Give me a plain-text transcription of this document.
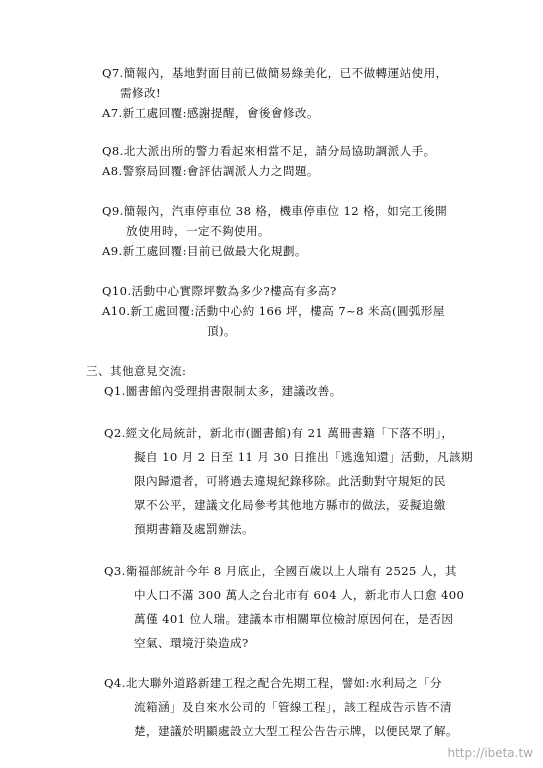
Q7.簡報內，基地對面目前已做簡易綠美化，已不做轉運站使用，
需修改!
A7.新工處回覆:感謝提醒，會後會修改。
Q8.北大派出所的警力看起來相當不足，請分局協助調派人手。
A8.警察局回覆:會評估調派人力之問題。
Q9.簡報內，汽車停車位 38 格，機車停車位 12 格，如完工後開
放使用時，一定不夠使用。
A9.新工處回覆:目前已做最大化規劃。
Q10.活動中心實際坪數為多少?樓高有多高?
A10.新工處回覆:活動中心約 166 坪，樓高 7~8 米高(圓弧形屋
頂)。
三、其他意見交流:
Q1.圖書館內受理捐書限制太多，建議改善。
Q2.經文化局統計，新北市(圖書館)有 21 萬冊書籍「下落不明」，
擬自 10 月 2 日至 11 月 30 日推出「逃逸知還」活動，凡該期
限內歸還者，可將過去違規紀錄移除。此活動對守規矩的民
眾不公平，建議文化局參考其他地方縣市的做法，妥擬追繳
預期書籍及處罰辦法。
Q3.衛福部統計今年 8 月底止，全國百歲以上人瑞有 2525 人，其
中人口不滿 300 萬人之台北市有 604 人，新北市人口愈 400
萬僅 401 位人瑞。建議本市相關單位檢討原因何在，是否因
空氣、環境汙染造成?
Q4.北大聯外道路新建工程之配合先期工程，譬如:水利局之「分
流箱涵」及自來水公司的「管線工程」，該工程成告示皆不清
楚，建議於明顯處設立大型工程公告告示牌，以便民眾了解。
http://ibeta.tw
